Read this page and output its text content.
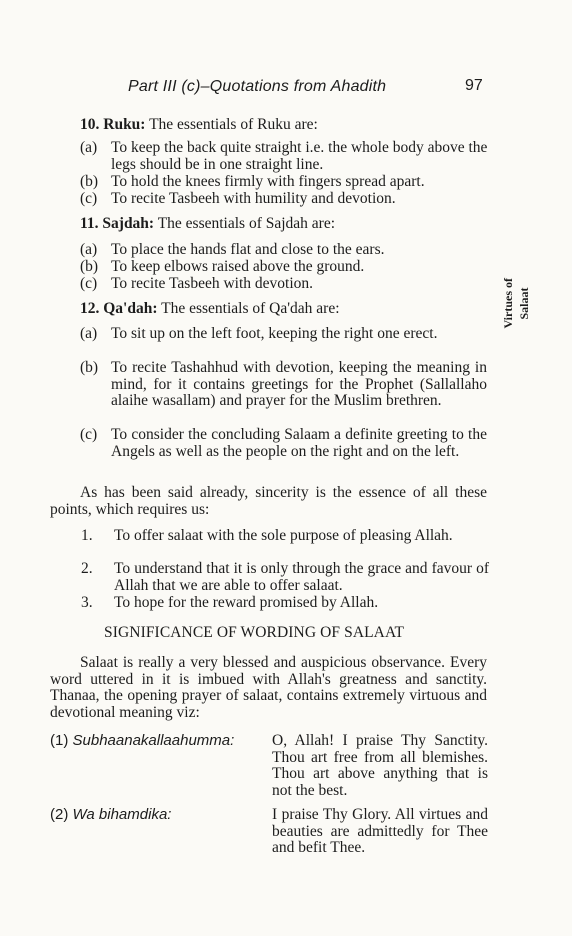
Part III (c)–Quotations from Ahadith	97
Virtues of Salaat
10. Ruku: The essentials of Ruku are:
(a) To keep the back quite straight i.e. the whole body above the legs should be in one straight line.
(b) To hold the knees firmly with fingers spread apart.
(c) To recite Tasbeeh with humility and devotion.
11. Sajdah: The essentials of Sajdah are:
(a) To place the hands flat and close to the ears.
(b) To keep elbows raised above the ground.
(c) To recite Tasbeeh with devotion.
12. Qa'dah: The essentials of Qa'dah are:
(a) To sit up on the left foot, keeping the right one erect.
(b) To recite Tashahhud with devotion, keeping the meaning in mind, for it contains greetings for the Prophet (Sallallaho alaihe wasallam) and prayer for the Muslim brethren.
(c) To consider the concluding Salaam a definite greeting to the Angels as well as the people on the right and on the left.
As has been said already, sincerity is the essence of all these points, which requires us:
1. To offer salaat with the sole purpose of pleasing Allah.
2. To understand that it is only through the grace and favour of Allah that we are able to offer salaat.
3. To hope for the reward promised by Allah.
SIGNIFICANCE OF WORDING OF SALAAT
Salaat is really a very blessed and auspicious observance. Every word uttered in it is imbued with Allah's greatness and sanctity. Thanaa, the opening prayer of salaat, contains extremely virtuous and devotional meaning viz:
(1) Subhaanakallaahumma: O, Allah! I praise Thy Sanctity. Thou art free from all blemishes. Thou art above anything that is not the best.
(2) Wa bihamdika:	I praise Thy Glory. All virtues and beauties are admittedly for Thee and befit Thee.
